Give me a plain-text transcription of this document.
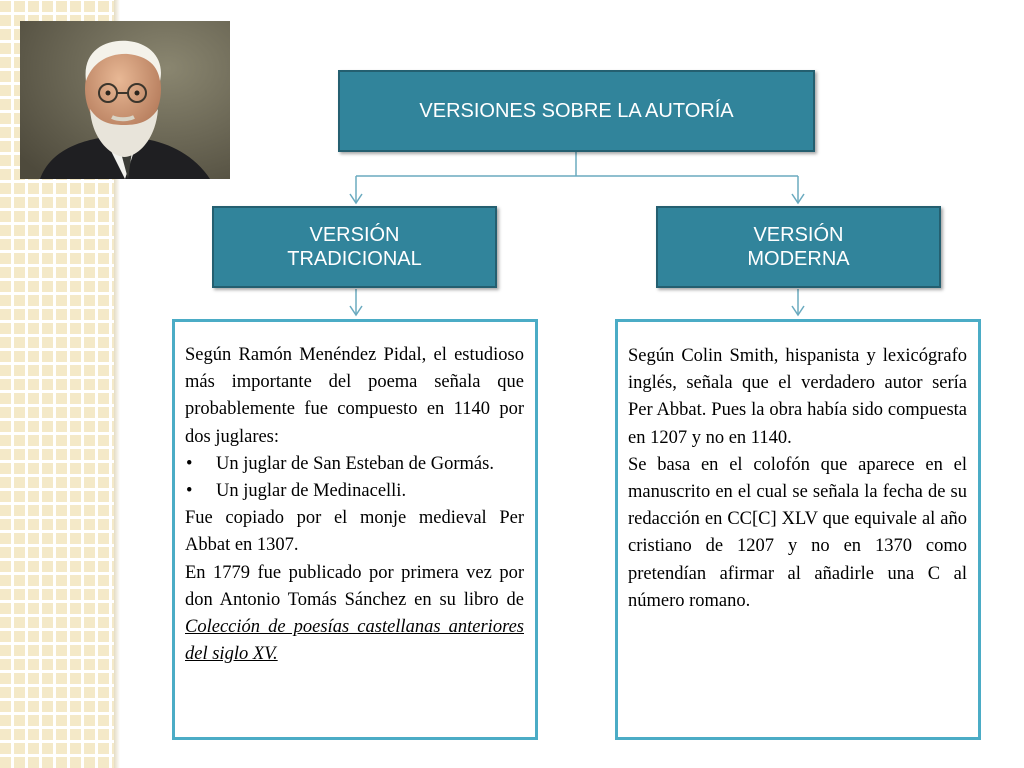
VERSIONES SOBRE LA AUTORÍA
VERSIÓN
TRADICIONAL
VERSIÓN
MODERNA

Según Ramón Menéndez Pidal, el estudioso más importante del poema señala que probablemente fue compuesto en 1140 por dos juglares:

• Un juglar de San Esteban de Gormás.
• Un juglar de Medinacelli.

Fue copiado por el monje medieval Per Abbat en 1307.

En 1779 fue publicado por primera vez por don Antonio Tomás Sánchez en su libro de Colección de poesías castellanas anteriores del siglo XV.

Según Colin Smith, hispanista y lexicógrafo inglés, señala que el verdadero autor sería Per Abbat. Pues la obra había sido compuesta en 1207 y no en 1140.

Se basa en el colofón que aparece en el manuscrito en el cual se señala la fecha de su redacción en CC[C] XLV que equivale al año cristiano de 1207 y no en 1370 como pretendían afirmar al añadirle una C al número romano.
